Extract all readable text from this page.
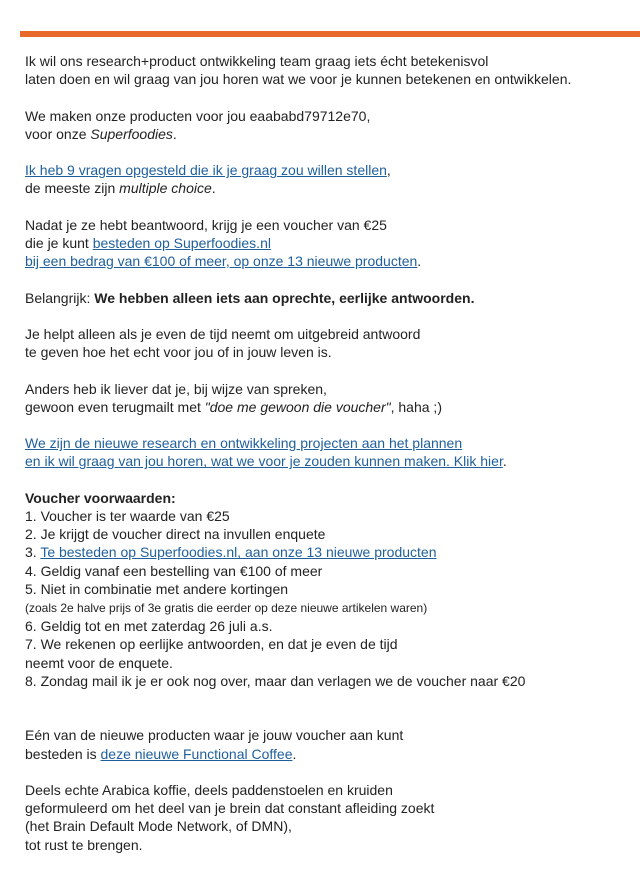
Ik wil ons research+product ontwikkeling team graag iets écht betekenisvol
laten doen en wil graag van jou horen wat we voor je kunnen betekenen en ontwikkelen.

We maken onze producten voor jou eaababd79712e70,
voor onze Superfoodies.

Ik heb 9 vragen opgesteld die ik je graag zou willen stellen,
de meeste zijn multiple choice.

Nadat je ze hebt beantwoord, krijg je een voucher van €25
die je kunt besteden op Superfoodies.nl
bij een bedrag van €100 of meer, op onze 13 nieuwe producten.

Belangrijk: We hebben alleen iets aan oprechte, eerlijke antwoorden.

Je helpt alleen als je even de tijd neemt om uitgebreid antwoord
te geven hoe het echt voor jou of in jouw leven is.

Anders heb ik liever dat je, bij wijze van spreken,
gewoon even terugmailt met "doe me gewoon die voucher", haha ;)

We zijn de nieuwe research en ontwikkeling projecten aan het plannen
en ik wil graag van jou horen, wat we voor je zouden kunnen maken. Klik hier.

Voucher voorwaarden:
1. Voucher is ter waarde van €25
2. Je krijgt de voucher direct na invullen enquete
3. Te besteden op Superfoodies.nl, aan onze 13 nieuwe producten
4. Geldig vanaf een bestelling van €100 of meer
5. Niet in combinatie met andere kortingen
(zoals 2e halve prijs of 3e gratis die eerder op deze nieuwe artikelen waren)
6. Geldig tot en met zaterdag 26 juli a.s.
7. We rekenen op eerlijke antwoorden, en dat je even de tijd
neemt voor de enquete.
8. Zondag mail ik je er ook nog over, maar dan verlagen we de voucher naar €20

Eén van de nieuwe producten waar je jouw voucher aan kunt
besteden is deze nieuwe Functional Coffee.

Deels echte Arabica koffie, deels paddenstoelen en kruiden
geformuleerd om het deel van je brein dat constant afleiding zoekt
(het Brain Default Mode Network, of DMN),
tot rust te brengen.
